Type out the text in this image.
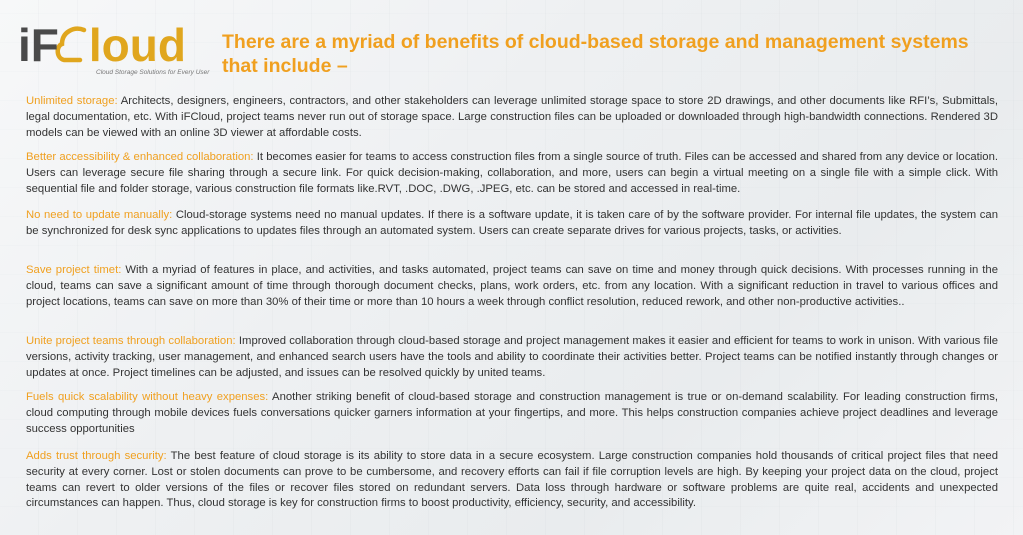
iF loud
Cloud Storage Solutions for Every User
There are a myriad of benefits of cloud-based storage and management systems that include –

Unlimited storage: Architects, designers, engineers, contractors, and other stakeholders can leverage unlimited storage space to store 2D drawings, and other documents like RFI’s, Submittals, legal documentation, etc. With iFCloud, project teams never run out of storage space. Large construction files can be uploaded or downloaded through high-bandwidth connections. Rendered 3D models can be viewed with an online 3D viewer at affordable costs.

Better accessibility & enhanced collaboration: It becomes easier for teams to access construction files from a single source of truth. Files can be accessed and shared from any device or location. Users can leverage secure file sharing through a secure link. For quick decision-making, collaboration, and more, users can begin a virtual meeting on a single file with a simple click. With sequential file and folder storage, various construction file formats like.RVT, .DOC, .DWG, .JPEG, etc. can be stored and accessed in real-time.

No need to update manually: Cloud-storage systems need no manual updates. If there is a software update, it is taken care of by the software provider. For internal file updates, the system can be synchronized for desk sync applications to updates files through an automated system. Users can create separate drives for various projects, tasks, or activities.

Save project timet: With a myriad of features in place, and activities, and tasks automated, project teams can save on time and money through quick decisions. With processes running in the cloud, teams can save a significant amount of time through thorough document checks, plans, work orders, etc. from any location. With a significant reduction in travel to various offices and project locations, teams can save on more than 30% of their time or more than 10 hours a week through conflict resolution, reduced rework, and other non-productive activities..

Unite project teams through collaboration: Improved collaboration through cloud-based storage and project management makes it easier and efficient for teams to work in unison. With various file versions, activity tracking, user management, and enhanced search users have the tools and ability to coordinate their activities better. Project teams can be notified instantly through changes or updates at once. Project timelines can be adjusted, and issues can be resolved quickly by united teams.

Fuels quick scalability without heavy expenses: Another striking benefit of cloud-based storage and construction management is true or on-demand scalability. For leading construction firms, cloud computing through mobile devices fuels conversations quicker garners information at your fingertips, and more. This helps construction companies achieve project deadlines and leverage success opportunities

Adds trust through security: The best feature of cloud storage is its ability to store data in a secure ecosystem. Large construction companies hold thousands of critical project files that need security at every corner. Lost or stolen documents can prove to be cumbersome, and recovery efforts can fail if file corruption levels are high. By keeping your project data on the cloud, project teams can revert to older versions of the files or recover files stored on redundant servers. Data loss through hardware or software problems are quite real, accidents and unexpected circumstances can happen. Thus, cloud storage is key for construction firms to boost productivity, efficiency, security, and accessibility.
